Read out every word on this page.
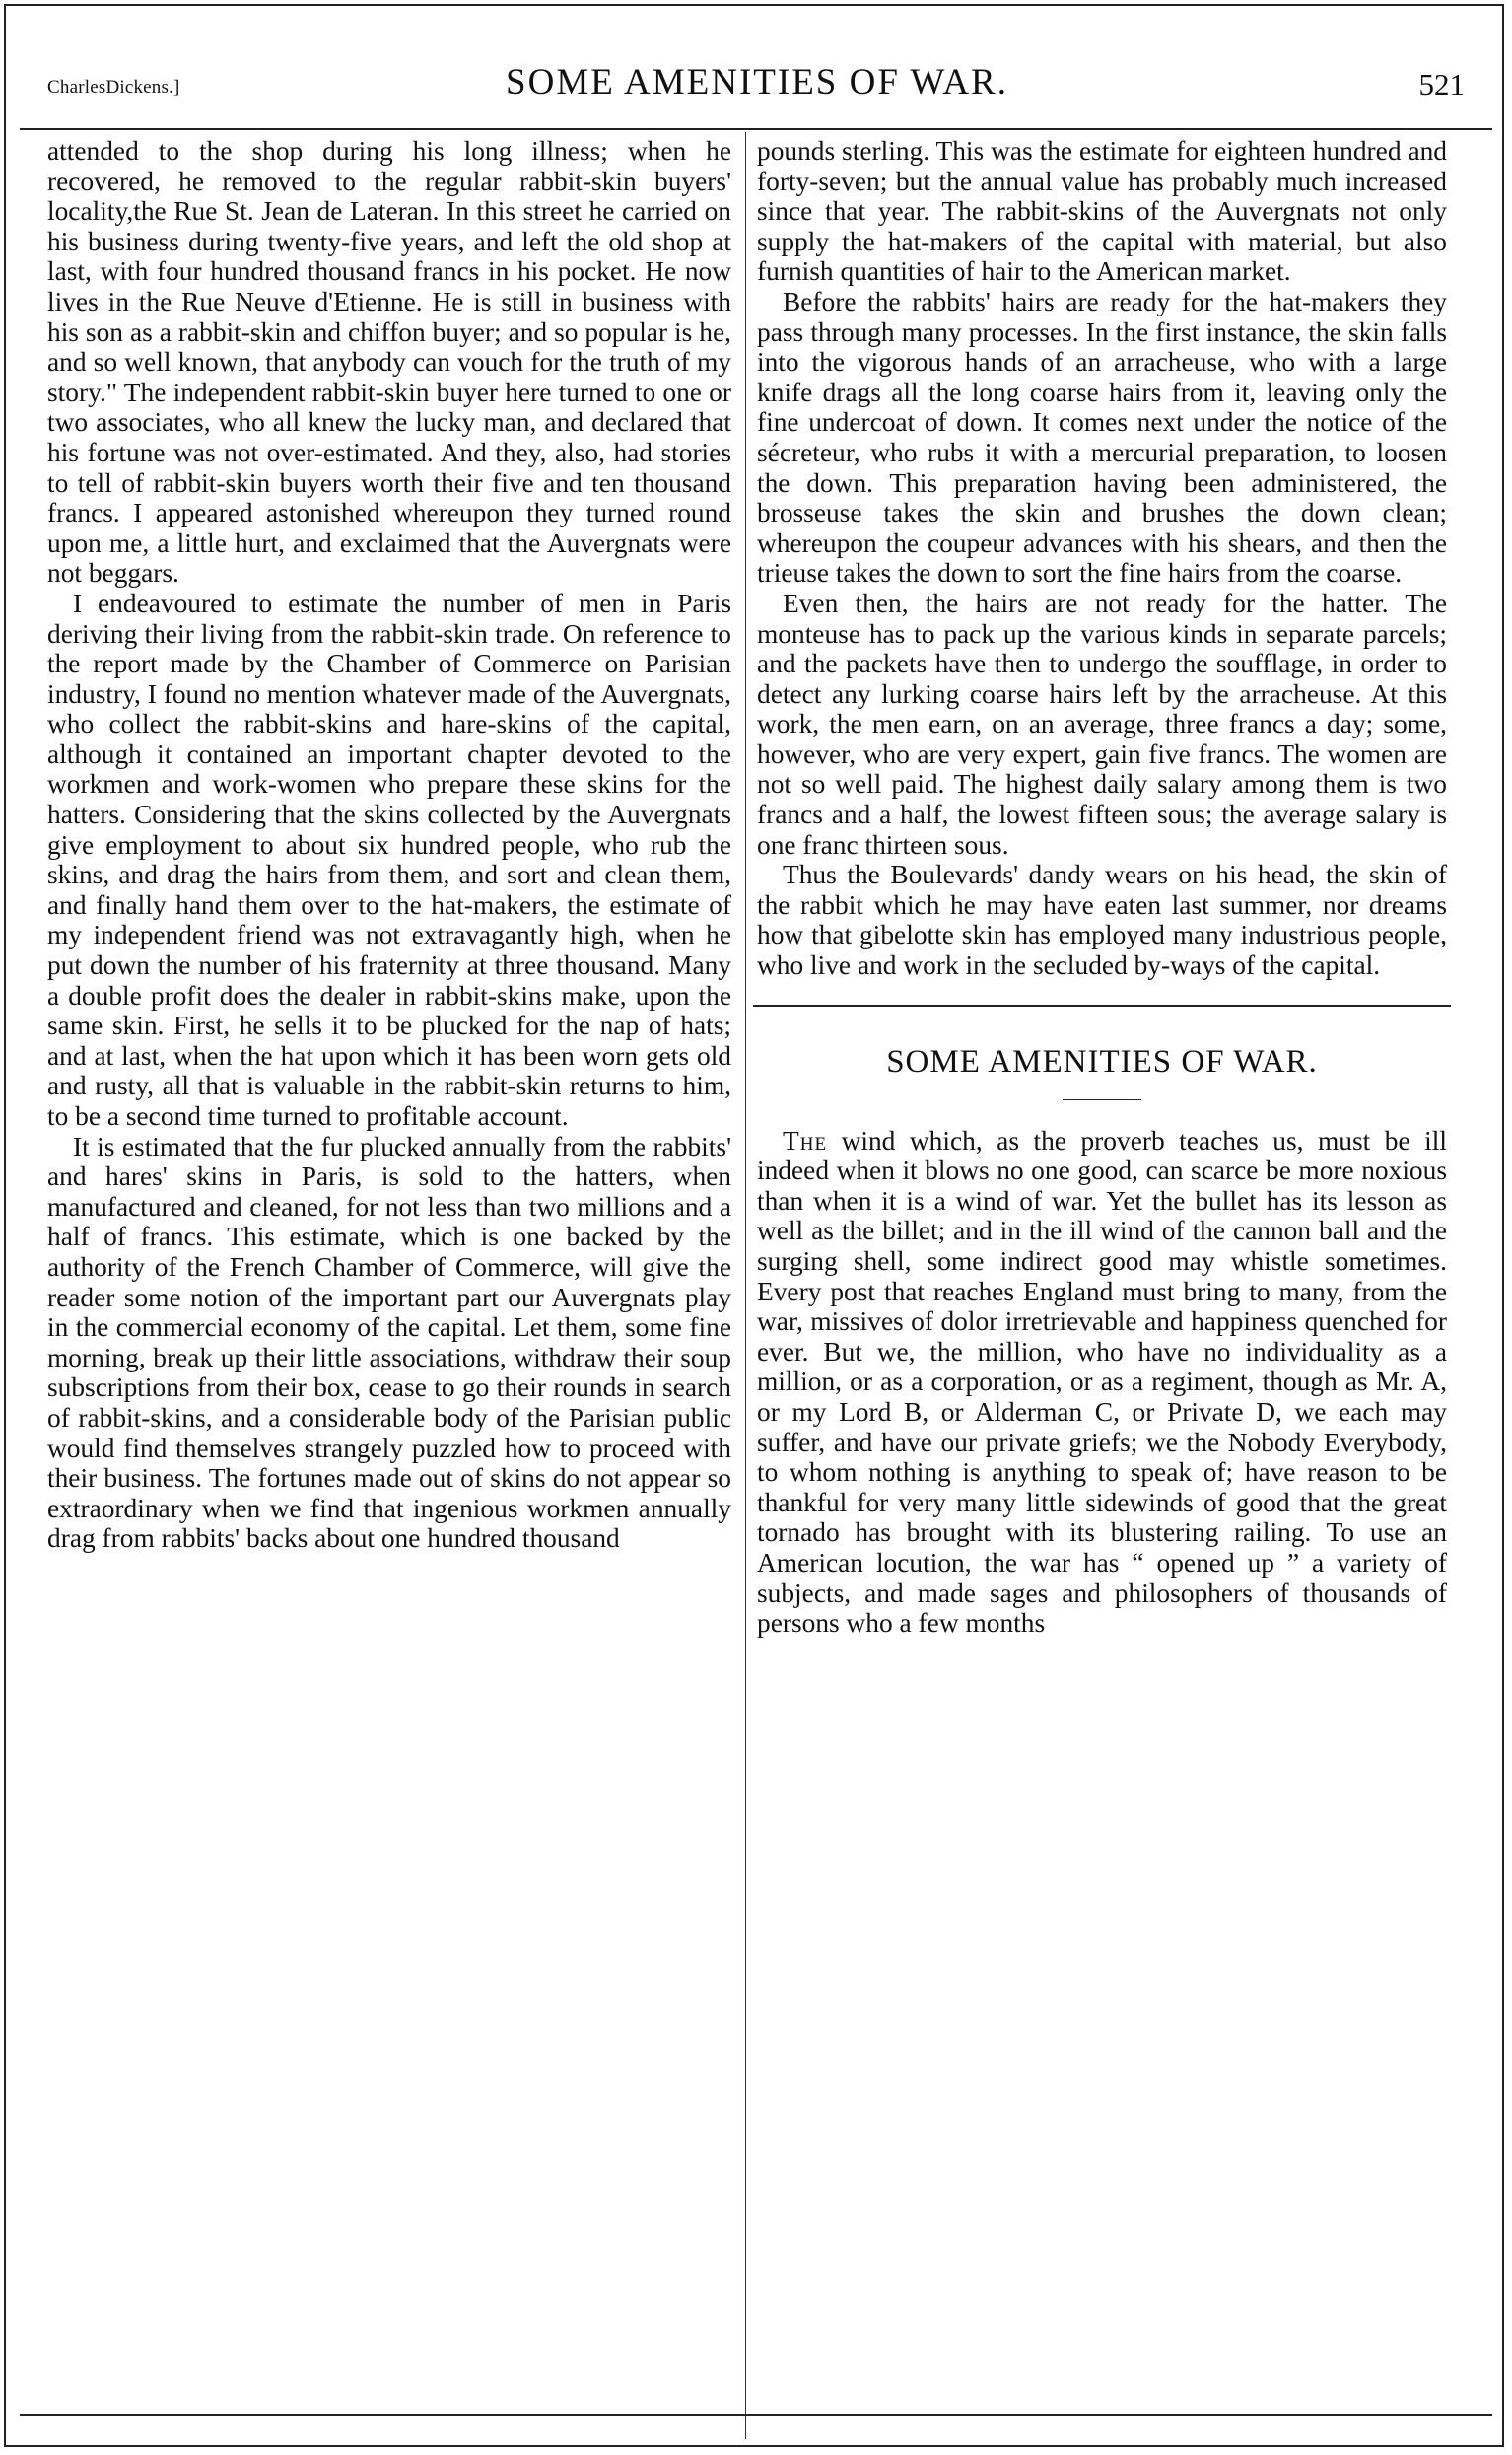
CharlesDickens.]	SOME AMENITIES OF WAR.	521

attended to the shop during his long illness; when he recovered, he removed to the regular rabbit-skin buyers' locality,the Rue St. Jean de Lateran. In this street he carried on his business during twenty-five years, and left the old shop at last, with four hundred thousand francs in his pocket. He now lives in the Rue Neuve d'Etienne. He is still in business with his son as a rabbit-skin and chiffon buyer; and so popular is he, and so well known, that anybody can vouch for the truth of my story." The independent rabbit-skin buyer here turned to one or two associates, who all knew the lucky man, and declared that his fortune was not over-estimated. And they, also, had stories to tell of rabbit-skin buyers worth their five and ten thousand francs. I appeared astonished whereupon they turned round upon me, a little hurt, and exclaimed that the Auvergnats were not beggars.

I endeavoured to estimate the number of men in Paris deriving their living from the rabbit-skin trade. On reference to the report made by the Chamber of Commerce on Parisian industry, I found no mention whatever made of the Auvergnats, who collect the rabbit-skins and hare-skins of the capital, although it contained an important chapter devoted to the workmen and work-women who prepare these skins for the hatters. Considering that the skins collected by the Auvergnats give employment to about six hundred people, who rub the skins, and drag the hairs from them, and sort and clean them, and finally hand them over to the hat-makers, the estimate of my independent friend was not extravagantly high, when he put down the number of his fraternity at three thousand. Many a double profit does the dealer in rabbit-skins make, upon the same skin. First, he sells it to be plucked for the nap of hats; and at last, when the hat upon which it has been worn gets old and rusty, all that is valuable in the rabbit-skin returns to him, to be a second time turned to profitable account.

It is estimated that the fur plucked annually from the rabbits' and hares' skins in Paris, is sold to the hatters, when manufactured and cleaned, for not less than two millions and a half of francs. This estimate, which is one backed by the authority of the French Chamber of Commerce, will give the reader some notion of the important part our Auvergnats play in the commercial economy of the capital. Let them, some fine morning, break up their little associations, withdraw their soup subscriptions from their box, cease to go their rounds in search of rabbit-skins, and a considerable body of the Parisian public would find themselves strangely puzzled how to proceed with their business. The fortunes made out of skins do not appear so extraordinary when we find that ingenious workmen annually drag from rabbits' backs about one hundred thousand

pounds sterling. This was the estimate for eighteen hundred and forty-seven; but the annual value has probably much increased since that year. The rabbit-skins of the Auvergnats not only supply the hat-makers of the capital with material, but also furnish quantities of hair to the American market.

Before the rabbits' hairs are ready for the hat-makers they pass through many processes. In the first instance, the skin falls into the vigorous hands of an arracheuse, who with a large knife drags all the long coarse hairs from it, leaving only the fine undercoat of down. It comes next under the notice of the sécreteur, who rubs it with a mercurial preparation, to loosen the down. This preparation having been administered, the brosseuse takes the skin and brushes the down clean; whereupon the coupeur advances with his shears, and then the trieuse takes the down to sort the fine hairs from the coarse.

Even then, the hairs are not ready for the hatter. The monteuse has to pack up the various kinds in separate parcels; and the packets have then to undergo the soufflage, in order to detect any lurking coarse hairs left by the arracheuse. At this work, the men earn, on an average, three francs a day; some, however, who are very expert, gain five francs. The women are not so well paid. The highest daily salary among them is two francs and a half, the lowest fifteen sous; the average salary is one franc thirteen sous.

Thus the Boulevards' dandy wears on his head, the skin of the rabbit which he may have eaten last summer, nor dreams how that gibelotte skin has employed many industrious people, who live and work in the secluded by-ways of the capital.

SOME AMENITIES OF WAR.

The wind which, as the proverb teaches us, must be ill indeed when it blows no one good, can scarce be more noxious than when it is a wind of war. Yet the bullet has its lesson as well as the billet; and in the ill wind of the cannon ball and the surging shell, some indirect good may whistle sometimes. Every post that reaches England must bring to many, from the war, missives of dolor irretrievable and happiness quenched for ever. But we, the million, who have no individuality as a million, or as a corporation, or as a regiment, though as Mr. A, or my Lord B, or Alderman C, or Private D, we each may suffer, and have our private griefs; we the Nobody Everybody, to whom nothing is anything to speak of; have reason to be thankful for very many little sidewinds of good that the great tornado has brought with its blustering railing. To use an American locution, the war has “ opened up ” a variety of subjects, and made sages and philosophers of thousands of persons who a few months
